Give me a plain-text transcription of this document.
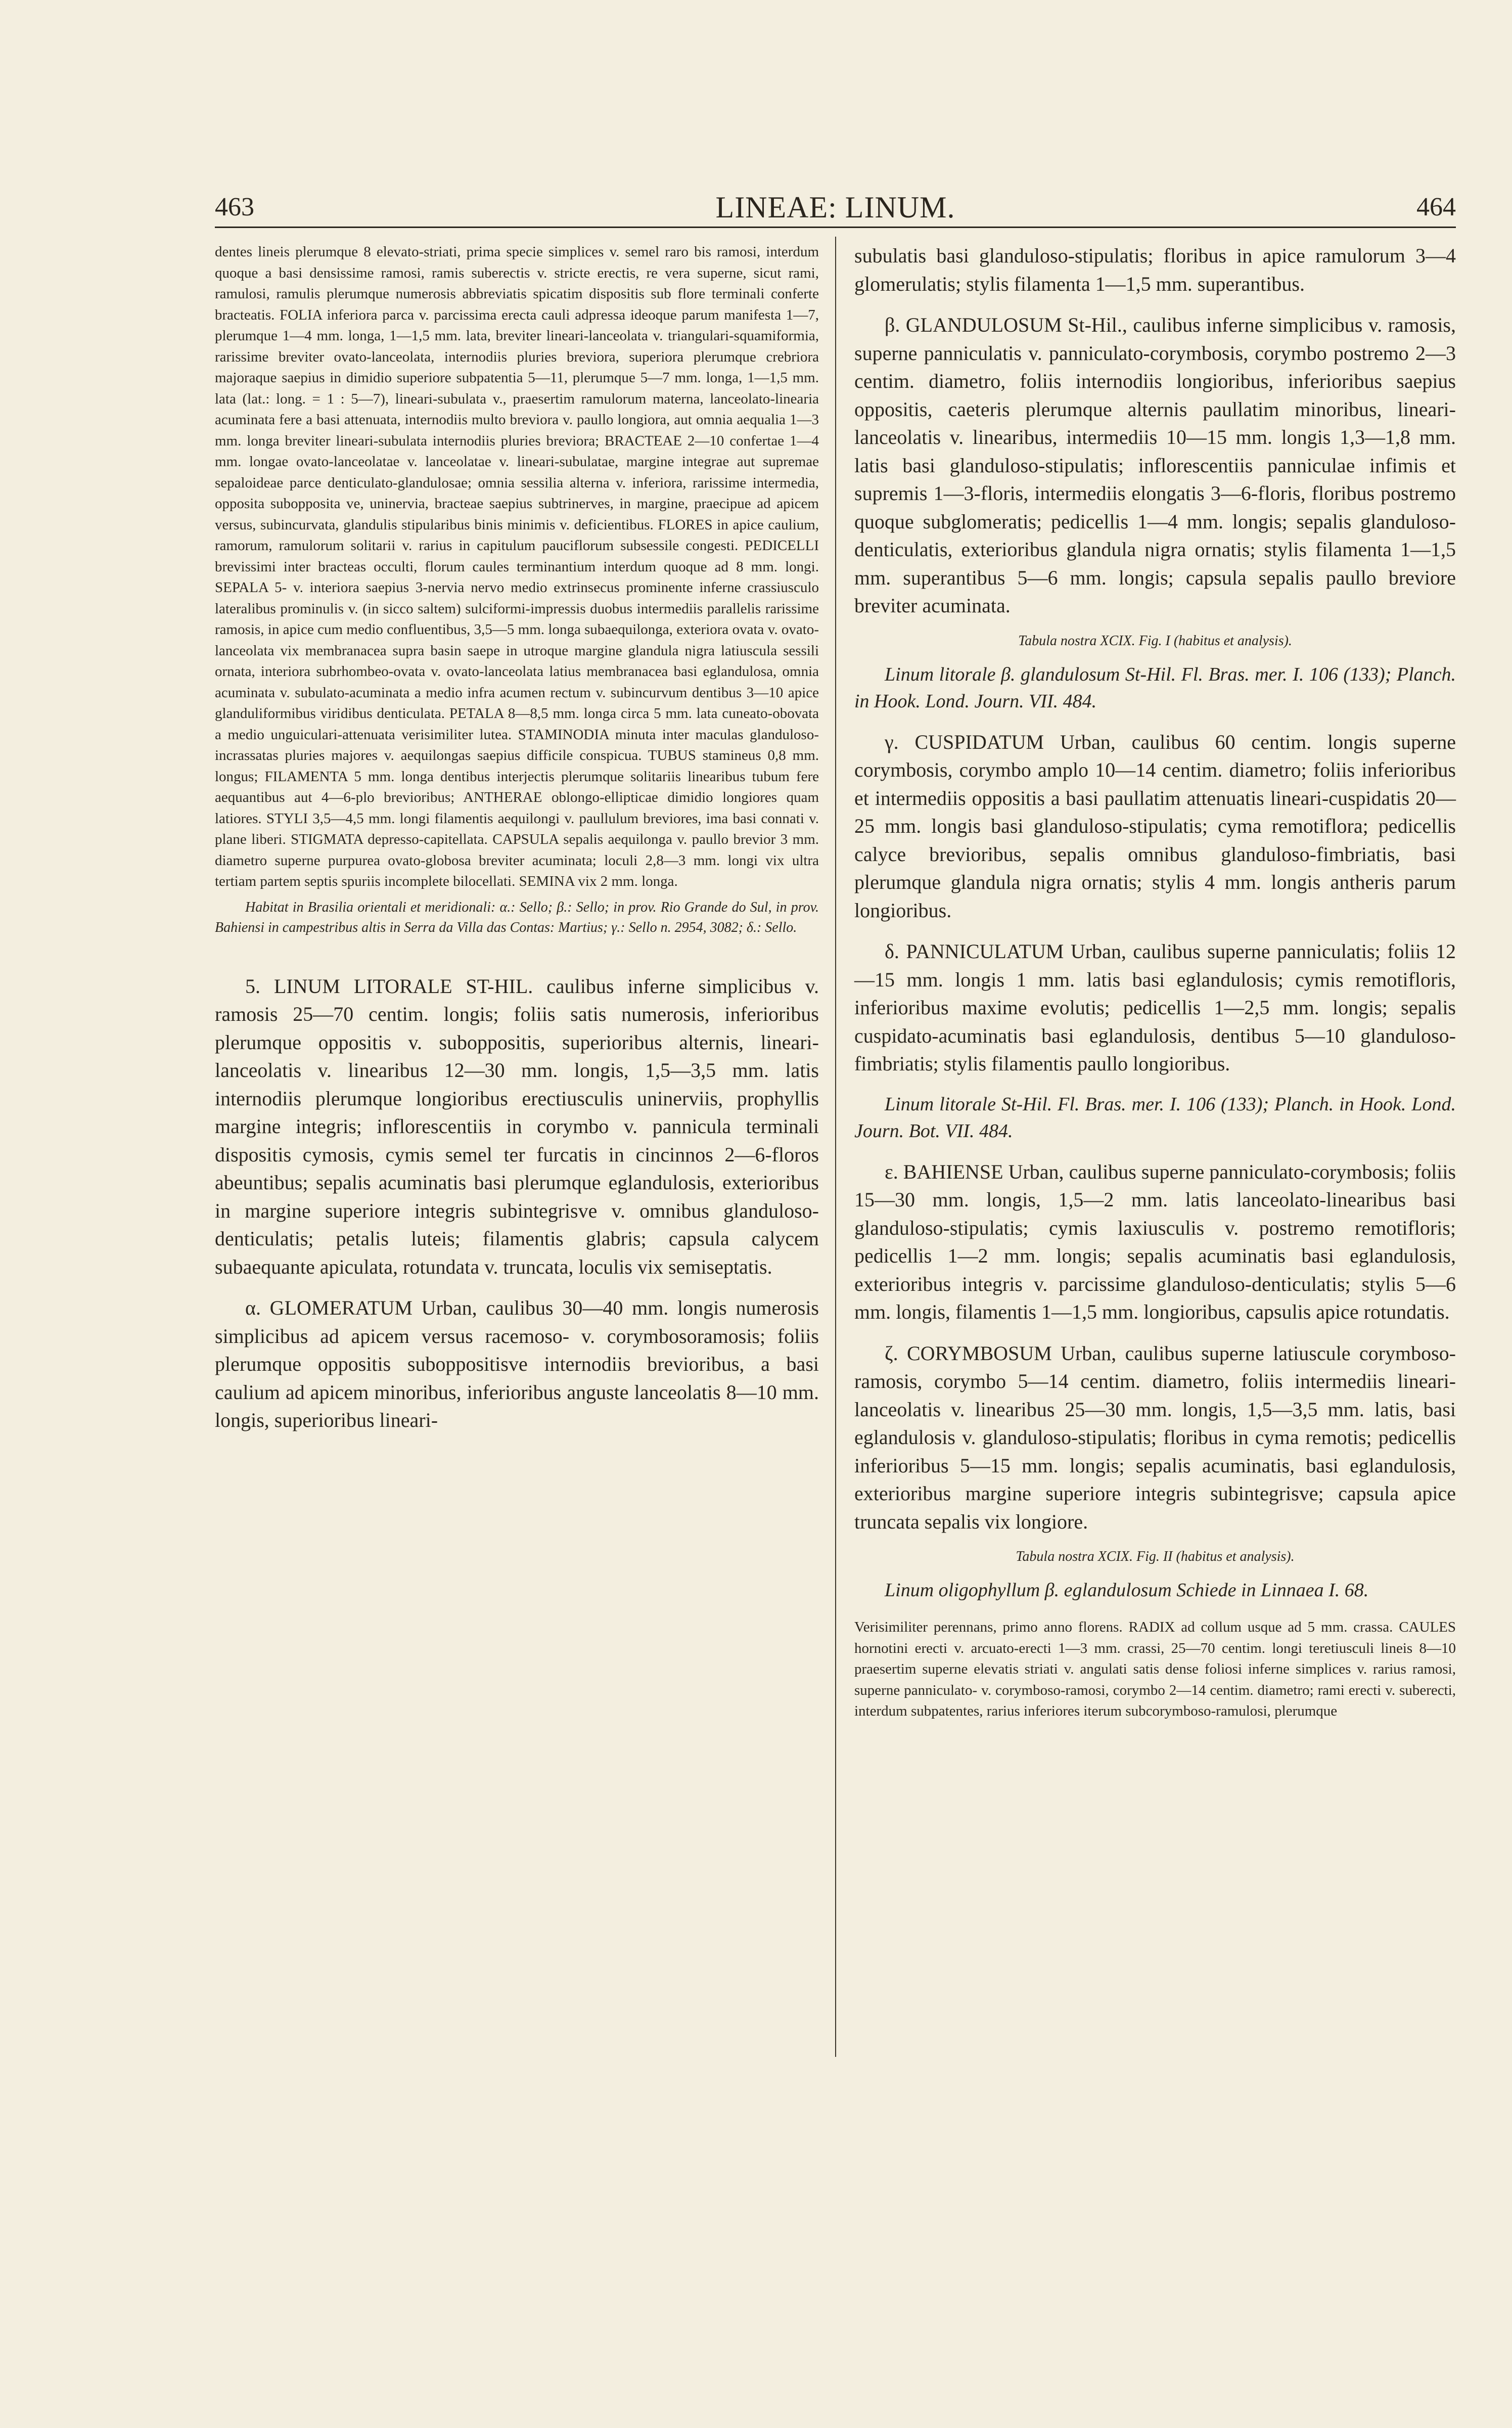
463	LINEAE: LINUM.	464

dentes lineis plerumque 8 elevato-striati, prima specie simplices v. semel raro bis ramosi, interdum quoque a basi densissime ramosi, ramis suberectis v. stricte erectis, re vera superne, sicut rami, ramulosi, ramulis plerumque numerosis abbreviatis spicatim dispositis sub flore terminali conferte bracteatis. FOLIA inferiora parca v. parcissima erecta cauli adpressa ideoque parum manifesta 1—7, plerumque 1—4 mm. longa, 1—1,5 mm. lata, breviter lineari-lanceolata v. triangulari-squamiformia, rarissime breviter ovato-lanceolata, internodiis pluries breviora, superiora plerumque crebriora majoraque saepius in dimidio superiore subpatentia 5—11, plerumque 5—7 mm. longa, 1—1,5 mm. lata (lat.: long. = 1 : 5—7), lineari-subulata v., praesertim ramulorum materna, lanceolato-linearia acuminata fere a basi attenuata, internodiis multo breviora v. paullo longiora, aut omnia aequalia 1—3 mm. longa breviter lineari-subulata internodiis pluries breviora; BRACTEAE 2—10 confertae 1—4 mm. longae ovato-lanceolatae v. lanceolatae v. lineari-subulatae, margine integrae aut supremae sepaloideae parce denticulato-glandulosae; omnia sessilia alterna v. inferiora, rarissime intermedia, opposita subopposita ve, uninervia, bracteae saepius subtrinerves, in margine, praecipue ad apicem versus, subincurvata, glandulis stipularibus binis minimis v. deficientibus. FLORES in apice caulium, ramorum, ramulorum solitarii v. rarius in capitulum pauciflorum subsessile congesti. PEDICELLI brevissimi inter bracteas occulti, florum caules terminantium interdum quoque ad 8 mm. longi. SEPALA 5- v. interiora saepius 3-nervia nervo medio extrinsecus prominente inferne crassiusculo lateralibus prominulis v. (in sicco saltem) sulciformi-impressis duobus intermediis parallelis rarissime ramosis, in apice cum medio confluentibus, 3,5—5 mm. longa subaequilonga, exteriora ovata v. ovato-lanceolata vix membranacea supra basin saepe in utroque margine glandula nigra latiuscula sessili ornata, interiora subrhombeo-ovata v. ovato-lanceolata latius membranacea basi eglandulosa, omnia acuminata v. subulato-acuminata a medio infra acumen rectum v. subincurvum dentibus 3—10 apice glanduliformibus viridibus denticulata. PETALA 8—8,5 mm. longa circa 5 mm. lata cuneato-obovata a medio unguiculari-attenuata verisimiliter lutea. STAMINODIA minuta inter maculas glanduloso-incrassatas pluries majores v. aequilongas saepius difficile conspicua. TUBUS stamineus 0,8 mm. longus; FILAMENTA 5 mm. longa dentibus interjectis plerumque solitariis linearibus tubum fere aequantibus aut 4—6-plo brevioribus; ANTHERAE oblongo-ellipticae dimidio longiores quam latiores. STYLI 3,5—4,5 mm. longi filamentis aequilongi v. paullulum breviores, ima basi connati v. plane liberi. STIGMATA depresso-capitellata. CAPSULA sepalis aequilonga v. paullo brevior 3 mm. diametro superne purpurea ovato-globosa breviter acuminata; loculi 2,8—3 mm. longi vix ultra tertiam partem septis spuriis incomplete bilocellati. SEMINA vix 2 mm. longa.

Habitat in Brasilia orientali et meridionali: α.: Sello; β.: Sello; in prov. Rio Grande do Sul, in prov. Bahiensi in campestribus altis in Serra da Villa das Contas: Martius; γ.: Sello n. 2954, 3082; δ.: Sello.

5. LINUM LITORALE ST-HIL. caulibus inferne simplicibus v. ramosis 25—70 centim. longis; foliis satis numerosis, inferioribus plerumque oppositis v. suboppositis, superioribus alternis, lineari-lanceolatis v. linearibus 12—30 mm. longis, 1,5—3,5 mm. latis internodiis plerumque longioribus erectiusculis uninerviis, prophyllis margine integris; inflorescentiis in corymbo v. pannicula terminali dispositis cymosis, cymis semel ter furcatis in cincinnos 2—6-floros abeuntibus; sepalis acuminatis basi plerumque eglandulosis, exterioribus in margine superiore integris subintegrisve v. omnibus glanduloso-denticulatis; petalis luteis; filamentis glabris; capsula calycem subaequante apiculata, rotundata v. truncata, loculis vix semiseptatis.

α. GLOMERATUM Urban, caulibus 30—40 mm. longis numerosis simplicibus ad apicem versus racemoso- v. corymbosoramosis; foliis plerumque oppositis suboppositisve internodiis brevioribus, a basi caulium ad apicem minoribus, inferioribus anguste lanceolatis 8—10 mm. longis, superioribus lineari-

subulatis basi glanduloso-stipulatis; floribus in apice ramulorum 3—4 glomerulatis; stylis filamenta 1—1,5 mm. superantibus.

β. GLANDULOSUM St-Hil., caulibus inferne simplicibus v. ramosis, superne panniculatis v. panniculato-corymbosis, corymbo postremo 2—3 centim. diametro, foliis internodiis longioribus, inferioribus saepius oppositis, caeteris plerumque alternis paullatim minoribus, lineari-lanceolatis v. linearibus, intermediis 10—15 mm. longis 1,3—1,8 mm. latis basi glanduloso-stipulatis; inflorescentiis panniculae infimis et supremis 1—3-floris, intermediis elongatis 3—6-floris, floribus postremo quoque subglomeratis; pedicellis 1—4 mm. longis; sepalis glanduloso-denticulatis, exterioribus glandula nigra ornatis; stylis filamenta 1—1,5 mm. superantibus 5—6 mm. longis; capsula sepalis paullo breviore breviter acuminata.

Tabula nostra XCIX. Fig. I (habitus et analysis).

Linum litorale β. glandulosum St-Hil. Fl. Bras. mer. I. 106 (133); Planch. in Hook. Lond. Journ. VII. 484.

γ. CUSPIDATUM Urban, caulibus 60 centim. longis superne corymbosis, corymbo amplo 10—14 centim. diametro; foliis inferioribus et intermediis oppositis a basi paullatim attenuatis lineari-cuspidatis 20—25 mm. longis basi glanduloso-stipulatis; cyma remotiflora; pedicellis calyce brevioribus, sepalis omnibus glanduloso-fimbriatis, basi plerumque glandula nigra ornatis; stylis 4 mm. longis antheris parum longioribus.

δ. PANNICULATUM Urban, caulibus superne panniculatis; foliis 12—15 mm. longis 1 mm. latis basi eglandulosis; cymis remotifloris, inferioribus maxime evolutis; pedicellis 1—2,5 mm. longis; sepalis cuspidato-acuminatis basi eglandulosis, dentibus 5—10 glanduloso-fimbriatis; stylis filamentis paullo longioribus.

Linum litorale St-Hil. Fl. Bras. mer. I. 106 (133); Planch. in Hook. Lond. Journ. Bot. VII. 484.

ε. BAHIENSE Urban, caulibus superne panniculato-corymbosis; foliis 15—30 mm. longis, 1,5—2 mm. latis lanceolato-linearibus basi glanduloso-stipulatis; cymis laxiusculis v. postremo remotifloris; pedicellis 1—2 mm. longis; sepalis acuminatis basi eglandulosis, exterioribus integris v. parcissime glanduloso-denticulatis; stylis 5—6 mm. longis, filamentis 1—1,5 mm. longioribus, capsulis apice rotundatis.

ζ. CORYMBOSUM Urban, caulibus superne latiuscule corymboso-ramosis, corymbo 5—14 centim. diametro, foliis intermediis lineari-lanceolatis v. linearibus 25—30 mm. longis, 1,5—3,5 mm. latis, basi eglandulosis v. glanduloso-stipulatis; floribus in cyma remotis; pedicellis inferioribus 5—15 mm. longis; sepalis acuminatis, basi eglandulosis, exterioribus margine superiore integris subintegrisve; capsula apice truncata sepalis vix longiore.

Tabula nostra XCIX. Fig. II (habitus et analysis).

Linum oligophyllum β. eglandulosum Schiede in Linnaea I. 68.

Verisimiliter perennans, primo anno florens. RADIX ad collum usque ad 5 mm. crassa. CAULES hornotini erecti v. arcuato-erecti 1—3 mm. crassi, 25—70 centim. longi teretiusculi lineis 8—10 praesertim superne elevatis striati v. angulati satis dense foliosi inferne simplices v. rarius ramosi, superne panniculato- v. corymboso-ramosi, corymbo 2—14 centim. diametro; rami erecti v. suberecti, interdum subpatentes, rarius inferiores iterum subcorymboso-ramulosi, plerumque
